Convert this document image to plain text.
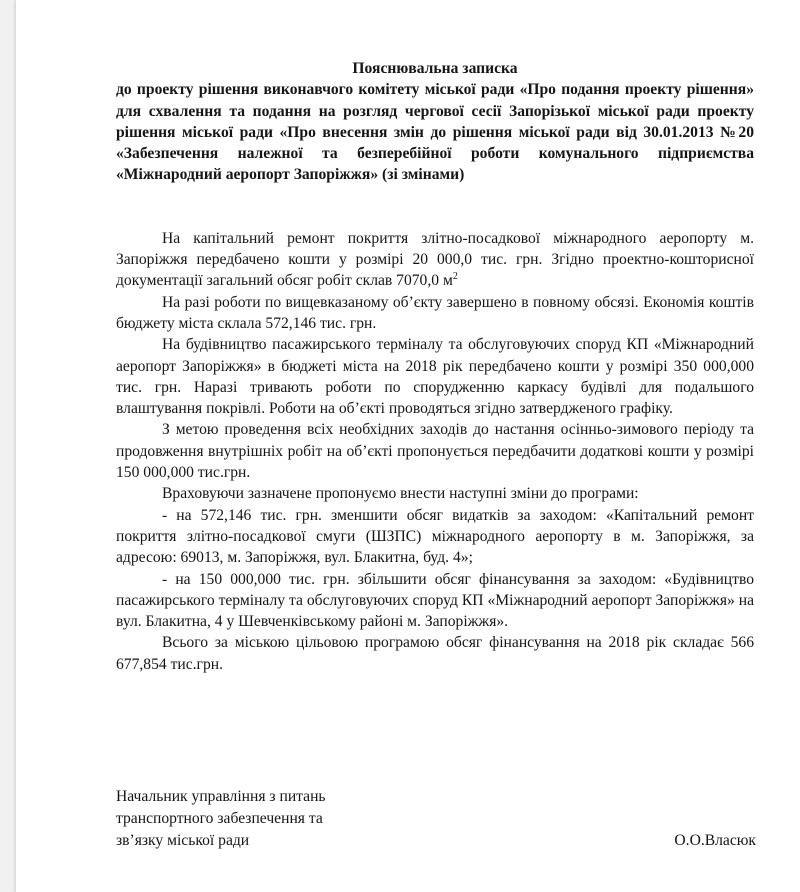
Пояснювальна записка

до проекту рішення виконавчого комітету міської ради «Про подання проекту рішення» для схвалення та подання на розгляд чергової сесії Запорізької міської ради проекту рішення міської ради «Про внесення змін до рішення міської ради від 30.01.2013 №20 «Забезпечення належної та безперебійної роботи комунального підприємства «Міжнародний аеропорт Запоріжжя» (зі змінами)

На капітальний ремонт покриття злітно-посадкової міжнародного аеропорту м. Запоріжжя передбачено кошти у розмірі 20 000,0 тис. грн. Згідно проектно-кошторисної документації загальний обсяг робіт склав 7070,0 $м^2$

На разі роботи по вищевказаному об’єкту завершено в повному обсязі. Економія коштів бюджету міста склала 572,146 тис. грн.

На будівництво пасажирського терміналу та обслуговуючих споруд КП «Міжнародний аеропорт Запоріжжя» в бюджеті міста на 2018 рік передбачено кошти у розмірі 350 000,000 тис. грн. Наразі тривають роботи по спорудженню каркасу будівлі для подальшого влаштування покрівлі. Роботи на об’єкті проводяться згідно затвердженого графіку.

З метою проведення всіх необхідних заходів до настання осінньо-зимового періоду та продовження внутрішніх робіт на об’єкті пропонується передбачити додаткові кошти у розмірі 150 000,000 тис.грн.

Враховуючи зазначене пропонуємо внести наступні зміни до програми:

- на 572,146 тис. грн. зменшити обсяг видатків за заходом: «Капітальний ремонт покриття злітно-посадкової смуги (ШЗПС) міжнародного аеропорту в м. Запоріжжя, за адресою: 69013, м. Запоріжжя, вул. Блакитна, буд. 4»;

- на 150 000,000 тис. грн. збільшити обсяг фінансування за заходом: «Будівництво пасажирського терміналу та обслуговуючих споруд КП «Міжнародний аеропорт Запоріжжя» на вул. Блакитна, 4 у Шевченківському районі м. Запоріжжя».

Всього за міською цільовою програмою обсяг фінансування на 2018 рік складає 566 677,854 тис.грн.

Начальник управління з питань

транспортного забезпечення та

зв’язку міської ради	О.О.Власюк
